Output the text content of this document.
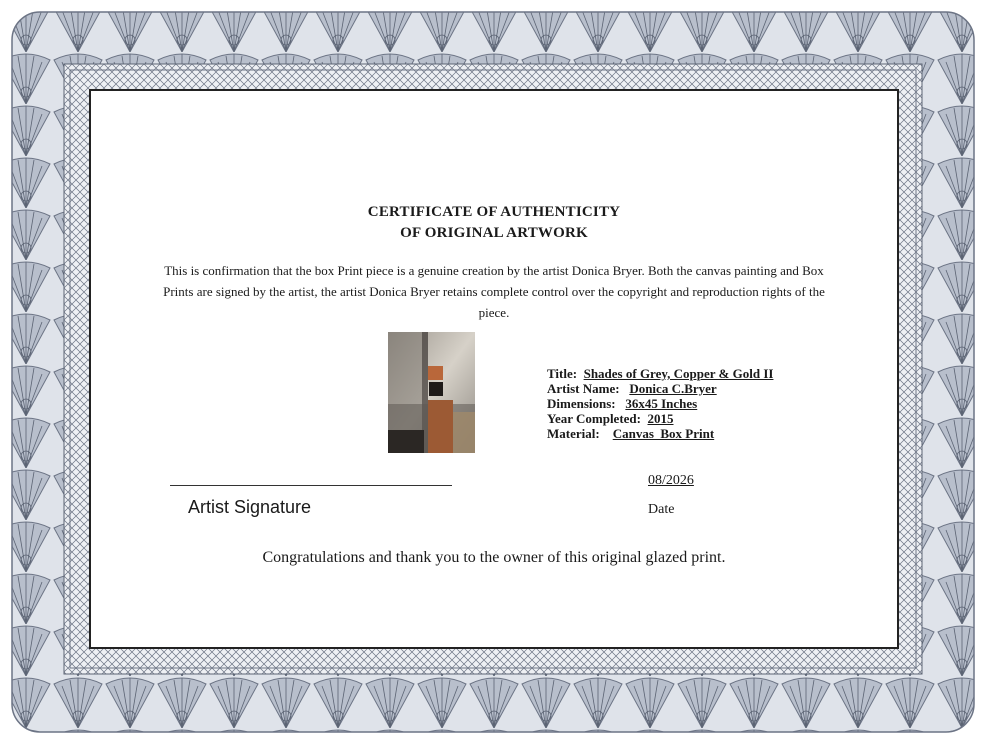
CERTIFICATE OF AUTHENTICITY
OF ORIGINAL ARTWORK

This is confirmation that the box Print piece is a genuine creation by the artist Donica Bryer. Both the canvas painting and Box Prints are signed by the artist, the artist Donica Bryer retains complete control over the copyright and reproduction rights of the piece.

Title: Shades of Grey, Copper & Gold II
Artist Name: Donica C.Bryer
Dimensions: 36x45 Inches
Year Completed: 2015
Material: Canvas_Box Print
Artist Signature
08/2026
Date
Congratulations and thank you to the owner of this original glazed print.
